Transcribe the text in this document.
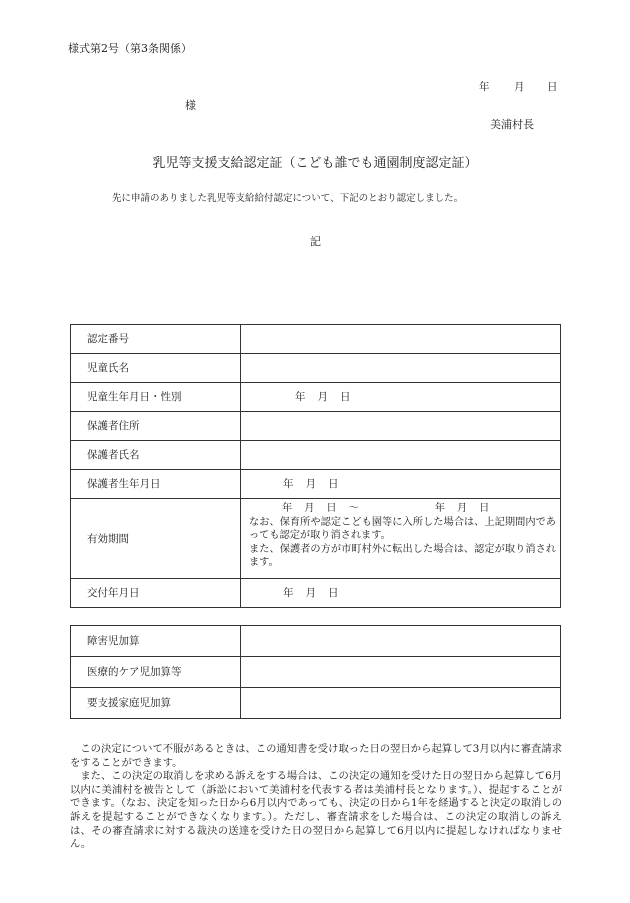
様式第2号（第3条関係）
年 月 日
様
美浦村長
乳児等支援支給認定証（こども誰でも通園制度認定証）
先に申請のありました乳児等支給給付認定について、下記のとおり認定しました。
記
認定番号	
児童氏名	
児童生年月日・性別	年 月 日
保護者住所	
保護者氏名	
保護者生年月日	年 月 日
有効期間	年 月 日 ～ 年 月 日
なお、保育所や認定こども園等に入所した場合は、上記期間内であっても認定が取り消されます。
また、保護者の方が市町村外に転出した場合は、認定が取り消されます。

交付年月日	年 月 日
障害児加算	
医療的ケア児加算等	
要支援家庭児加算	

　この決定について不服があるときは、この通知書を受け取った日の翌日から起算して3月以内に審査請求をすることができます。

　また、この決定の取消しを求める訴えをする場合は、この決定の通知を受けた日の翌日から起算して6月以内に美浦村を被告として（訴訟において美浦村を代表する者は美浦村長となります。）、提起することができます。（なお、決定を知った日から6月以内であっても、決定の日から1年を経過すると決定の取消しの訴えを提起することができなくなります。）。ただし、審査請求をした場合は、この決定の取消しの訴えは、その審査請求に対する裁決の送達を受けた日の翌日から起算して6月以内に提起しなければなりません。
